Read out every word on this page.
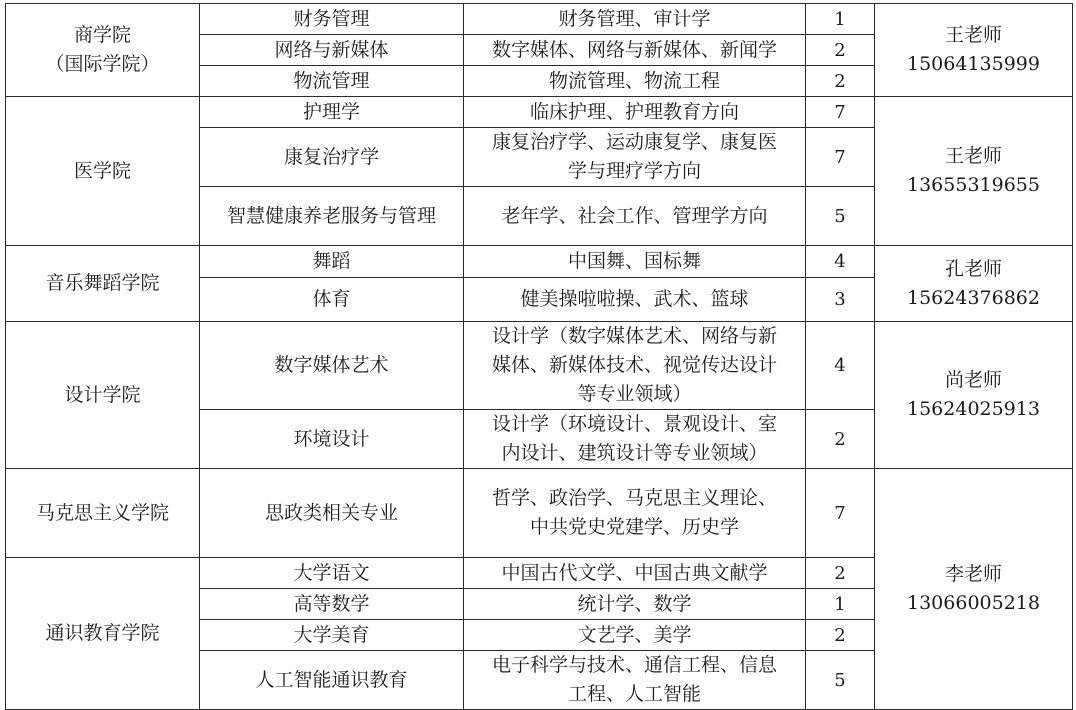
商学院
（国际学院）	财务管理	财务管理、审计学	1	王老师
15064135999

	网络与新媒体	数字媒体、网络与新媒体、新闻学	2	
	物流管理	物流管理、物流工程	2	

医学院	护理学	临床护理、护理教育方向	7	王老师
13655319655

	康复治疗学	康复治疗学、运动康复学、康复医
学与理疗学方向	7	
	智慧健康养老服务与管理	老年学、社会工作、管理学方向	5	

音乐舞蹈学院	舞蹈	中国舞、国标舞	4	孔老师
15624376862

	体育	健美操啦啦操、武术、篮球	3	

设计学院	数字媒体艺术	设计学（数字媒体艺术、网络与新
媒体、新媒体技术、视觉传达设计
等专业领域）	4	尚老师
15624025913

	环境设计	设计学（环境设计、景观设计、室
内设计、建筑设计等专业领域）	2	

马克思主义学院	思政类相关专业	哲学、政治学、马克思主义理论、
中共党史党建学、历史学	7	李老师
13066005218

通识教育学院	大学语文	中国古代文学、中国古典文献学	2	
	高等数学	统计学、数学	1	
	大学美育	文艺学、美学	2	
	人工智能通识教育	电子科学与技术、通信工程、信息
工程、人工智能	5	
